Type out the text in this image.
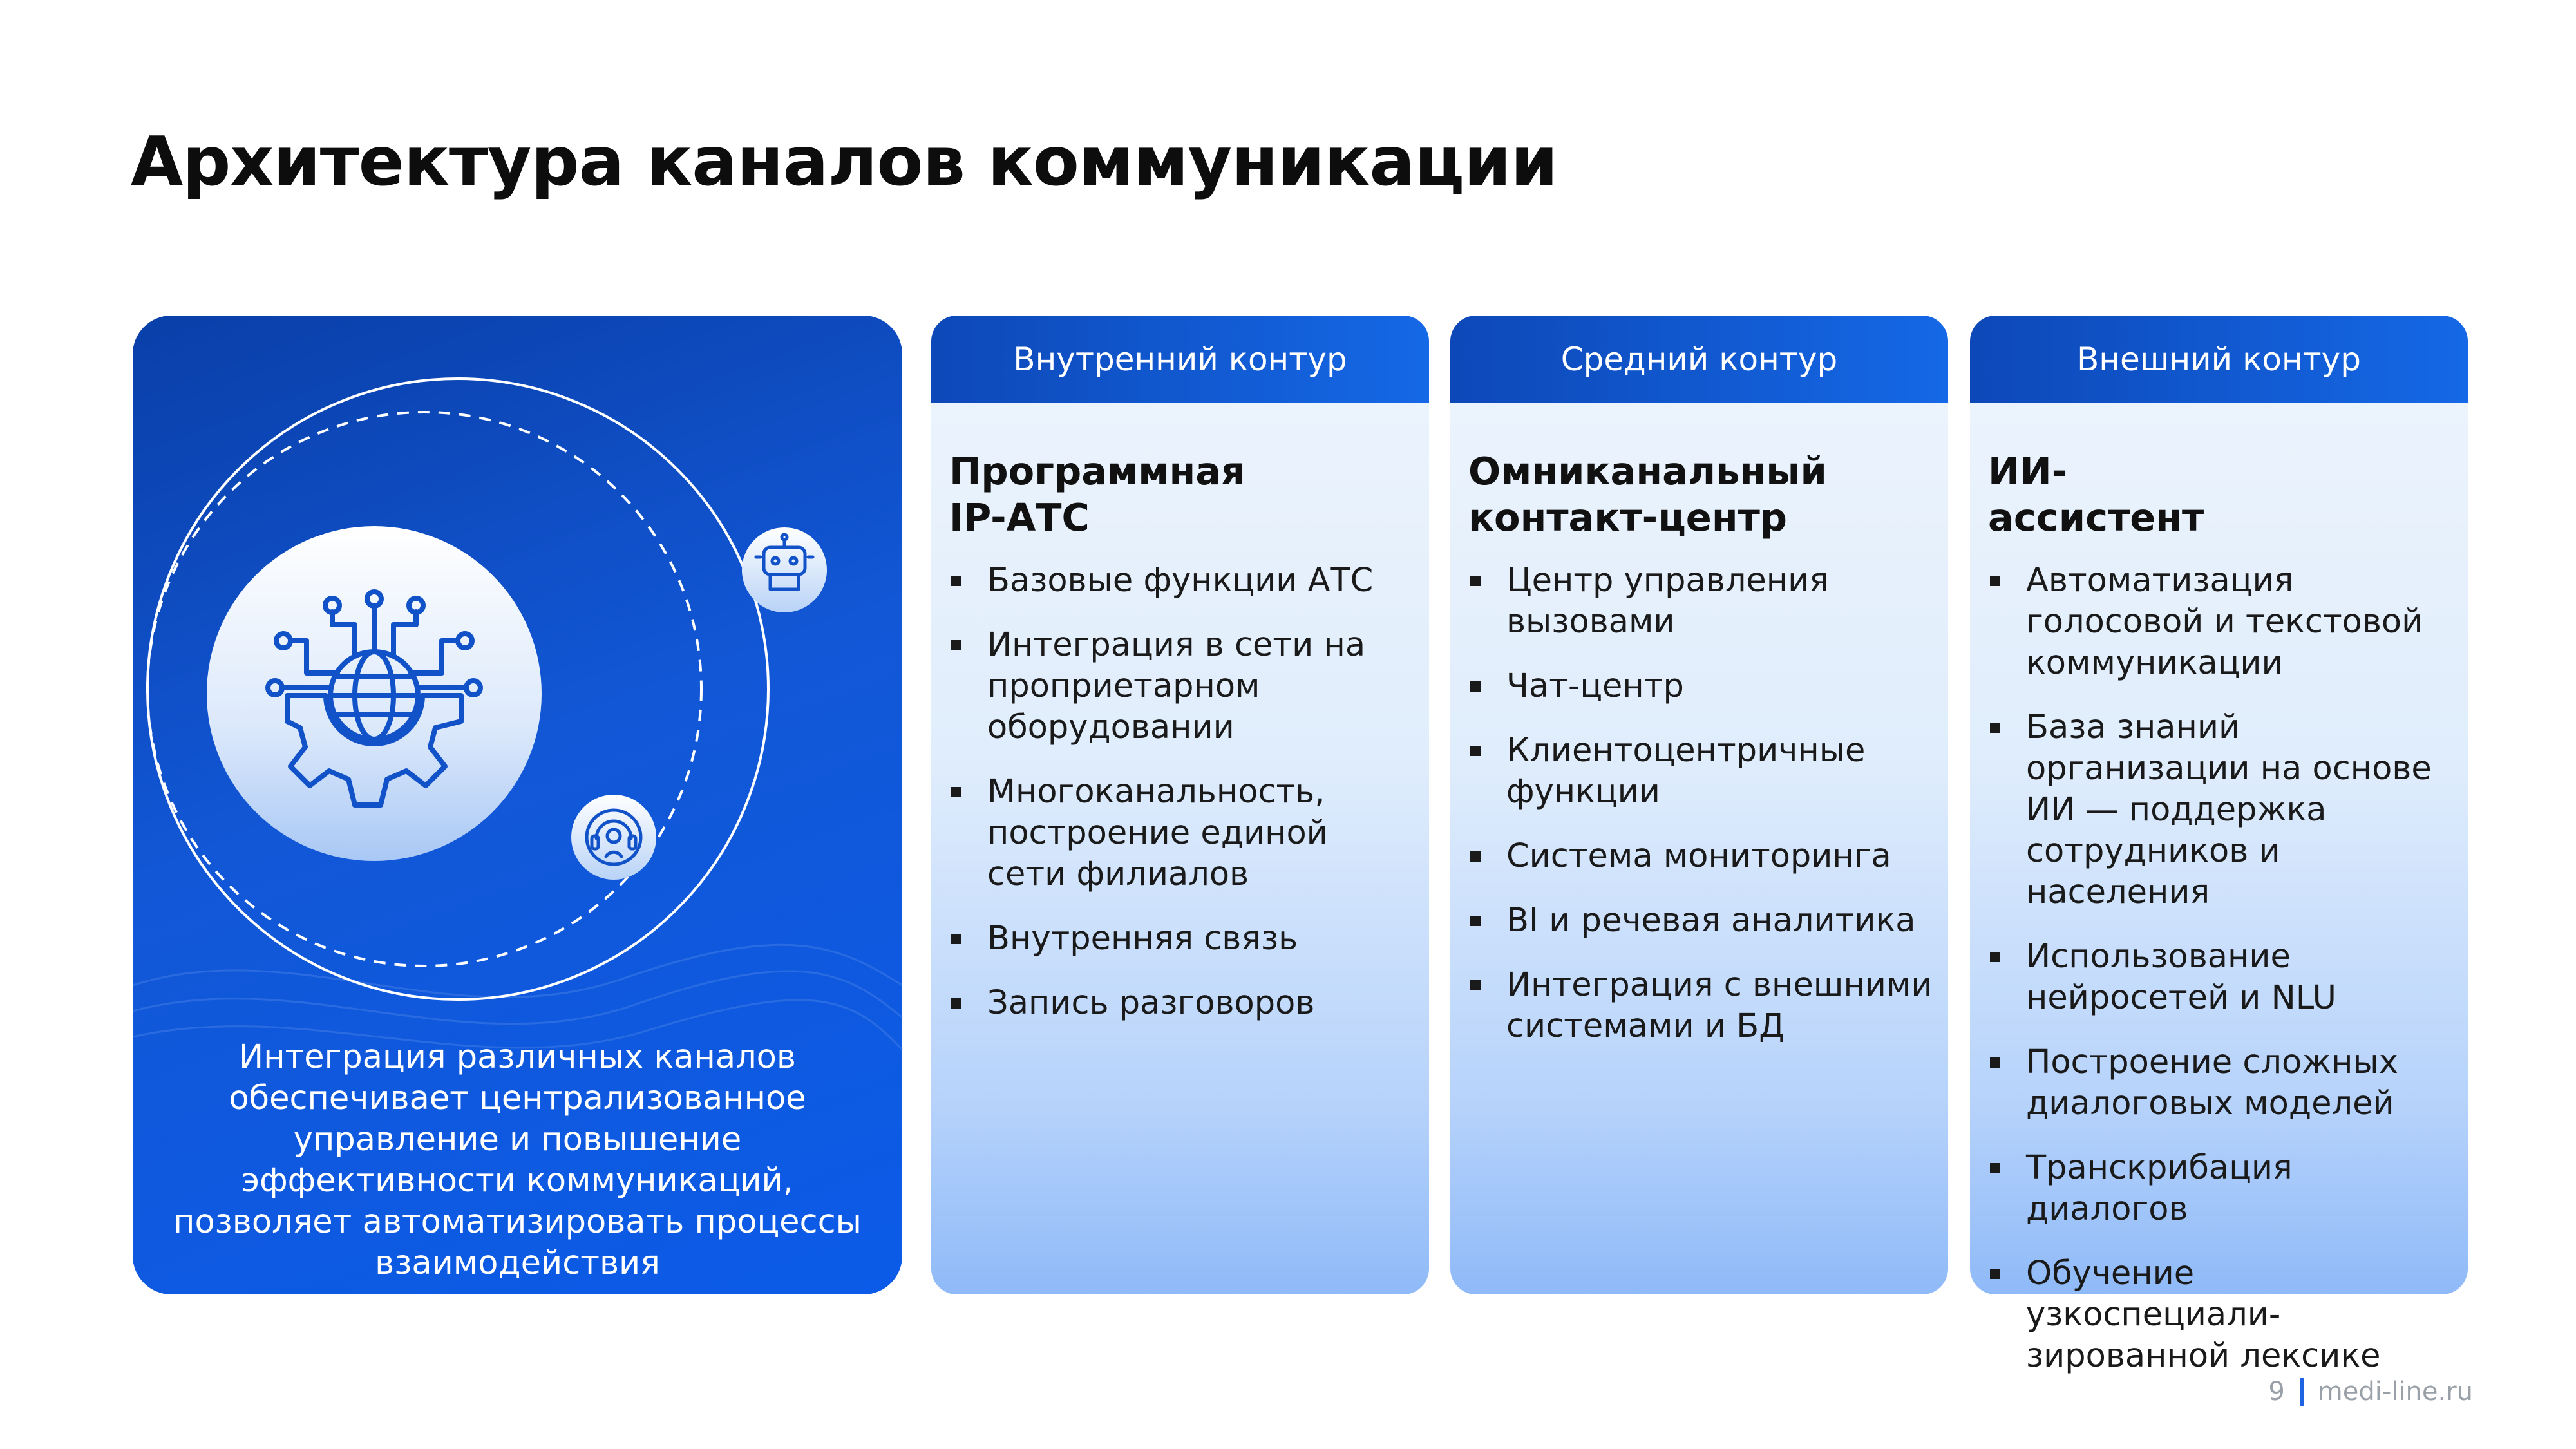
Архитектура каналов коммуникации
Интеграция различных каналов обеспечивает централизованное управление и повышение эффективности коммуникаций, позволяет автоматизировать процессы взаимодействия
Внутренний контур
Программная
IP-АТС
Базовые функции АТС
Интеграция в сети на проприетарном оборудовании
Многоканальность, построение единой сети филиалов
Внутренняя связь
Запись разговоров
Средний контур
Омниканальный
контакт-центр
Центр управления вызовами
Чат-центр
Клиентоцентричные функции
Система мониторинга
BI и речевая аналитика
Интеграция с внешними системами и БД
Внешний контур
ИИ-
ассистент
Автоматизация голосовой и текстовой коммуникации
База знаний организации на основе ИИ — поддержка сотрудников и населения
Использование нейросетей и NLU
Построение сложных диалоговых моделей
Транскрибация диалогов
Обучение узкоспециали-зированной лексике
9 medi-line.ru
